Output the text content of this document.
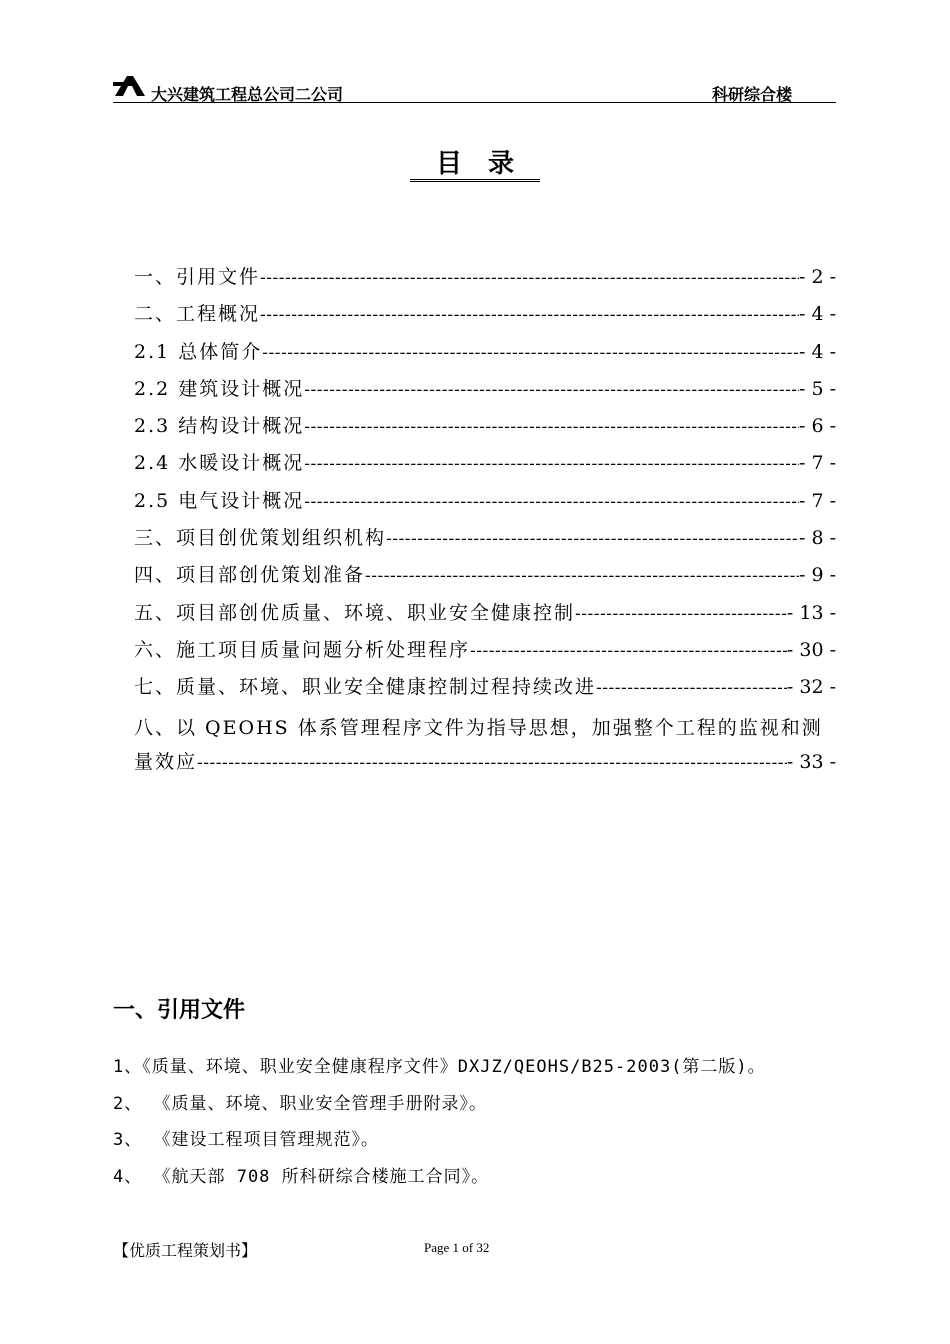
大兴建筑工程总公司二公司	科研综合楼
目录
一、引用文件 -----	- 2 -
二、工程概况 -----	- 4 -
2.1 总体简介 -----	- 4 -
2.2 建筑设计概况 -----	- 5 -
2.3 结构设计概况 -----	- 6 -
2.4 水暖设计概况 -----	- 7 -
2.5 电气设计概况 -----	- 7 -
三、项目创优策划组织机构 -----	- 8 -
四、项目部创优策划准备 -----	- 9 -
五、项目部创优质量、环境、职业安全健康控制 -----	- 13 -
六、施工项目质量问题分析处理程序 -----	- 30 -
七、质量、环境、职业安全健康控制过程持续改进 -----	- 32 -
八、以 QEOHS 体系管理程序文件为指导思想，加强整个工程的监视和测
量效应 -----	- 33 -
一、引用文件
1、《质量、环境、职业安全健康程序文件》DXJZ/QEOHS/B25-2003(第二版)。
2、 《质量、环境、职业安全管理手册附录》。
3、 《建设工程项目管理规范》。
4、 《航天部 708 所科研综合楼施工合同》。
【优质工程策划书】	Page 1 of 32
